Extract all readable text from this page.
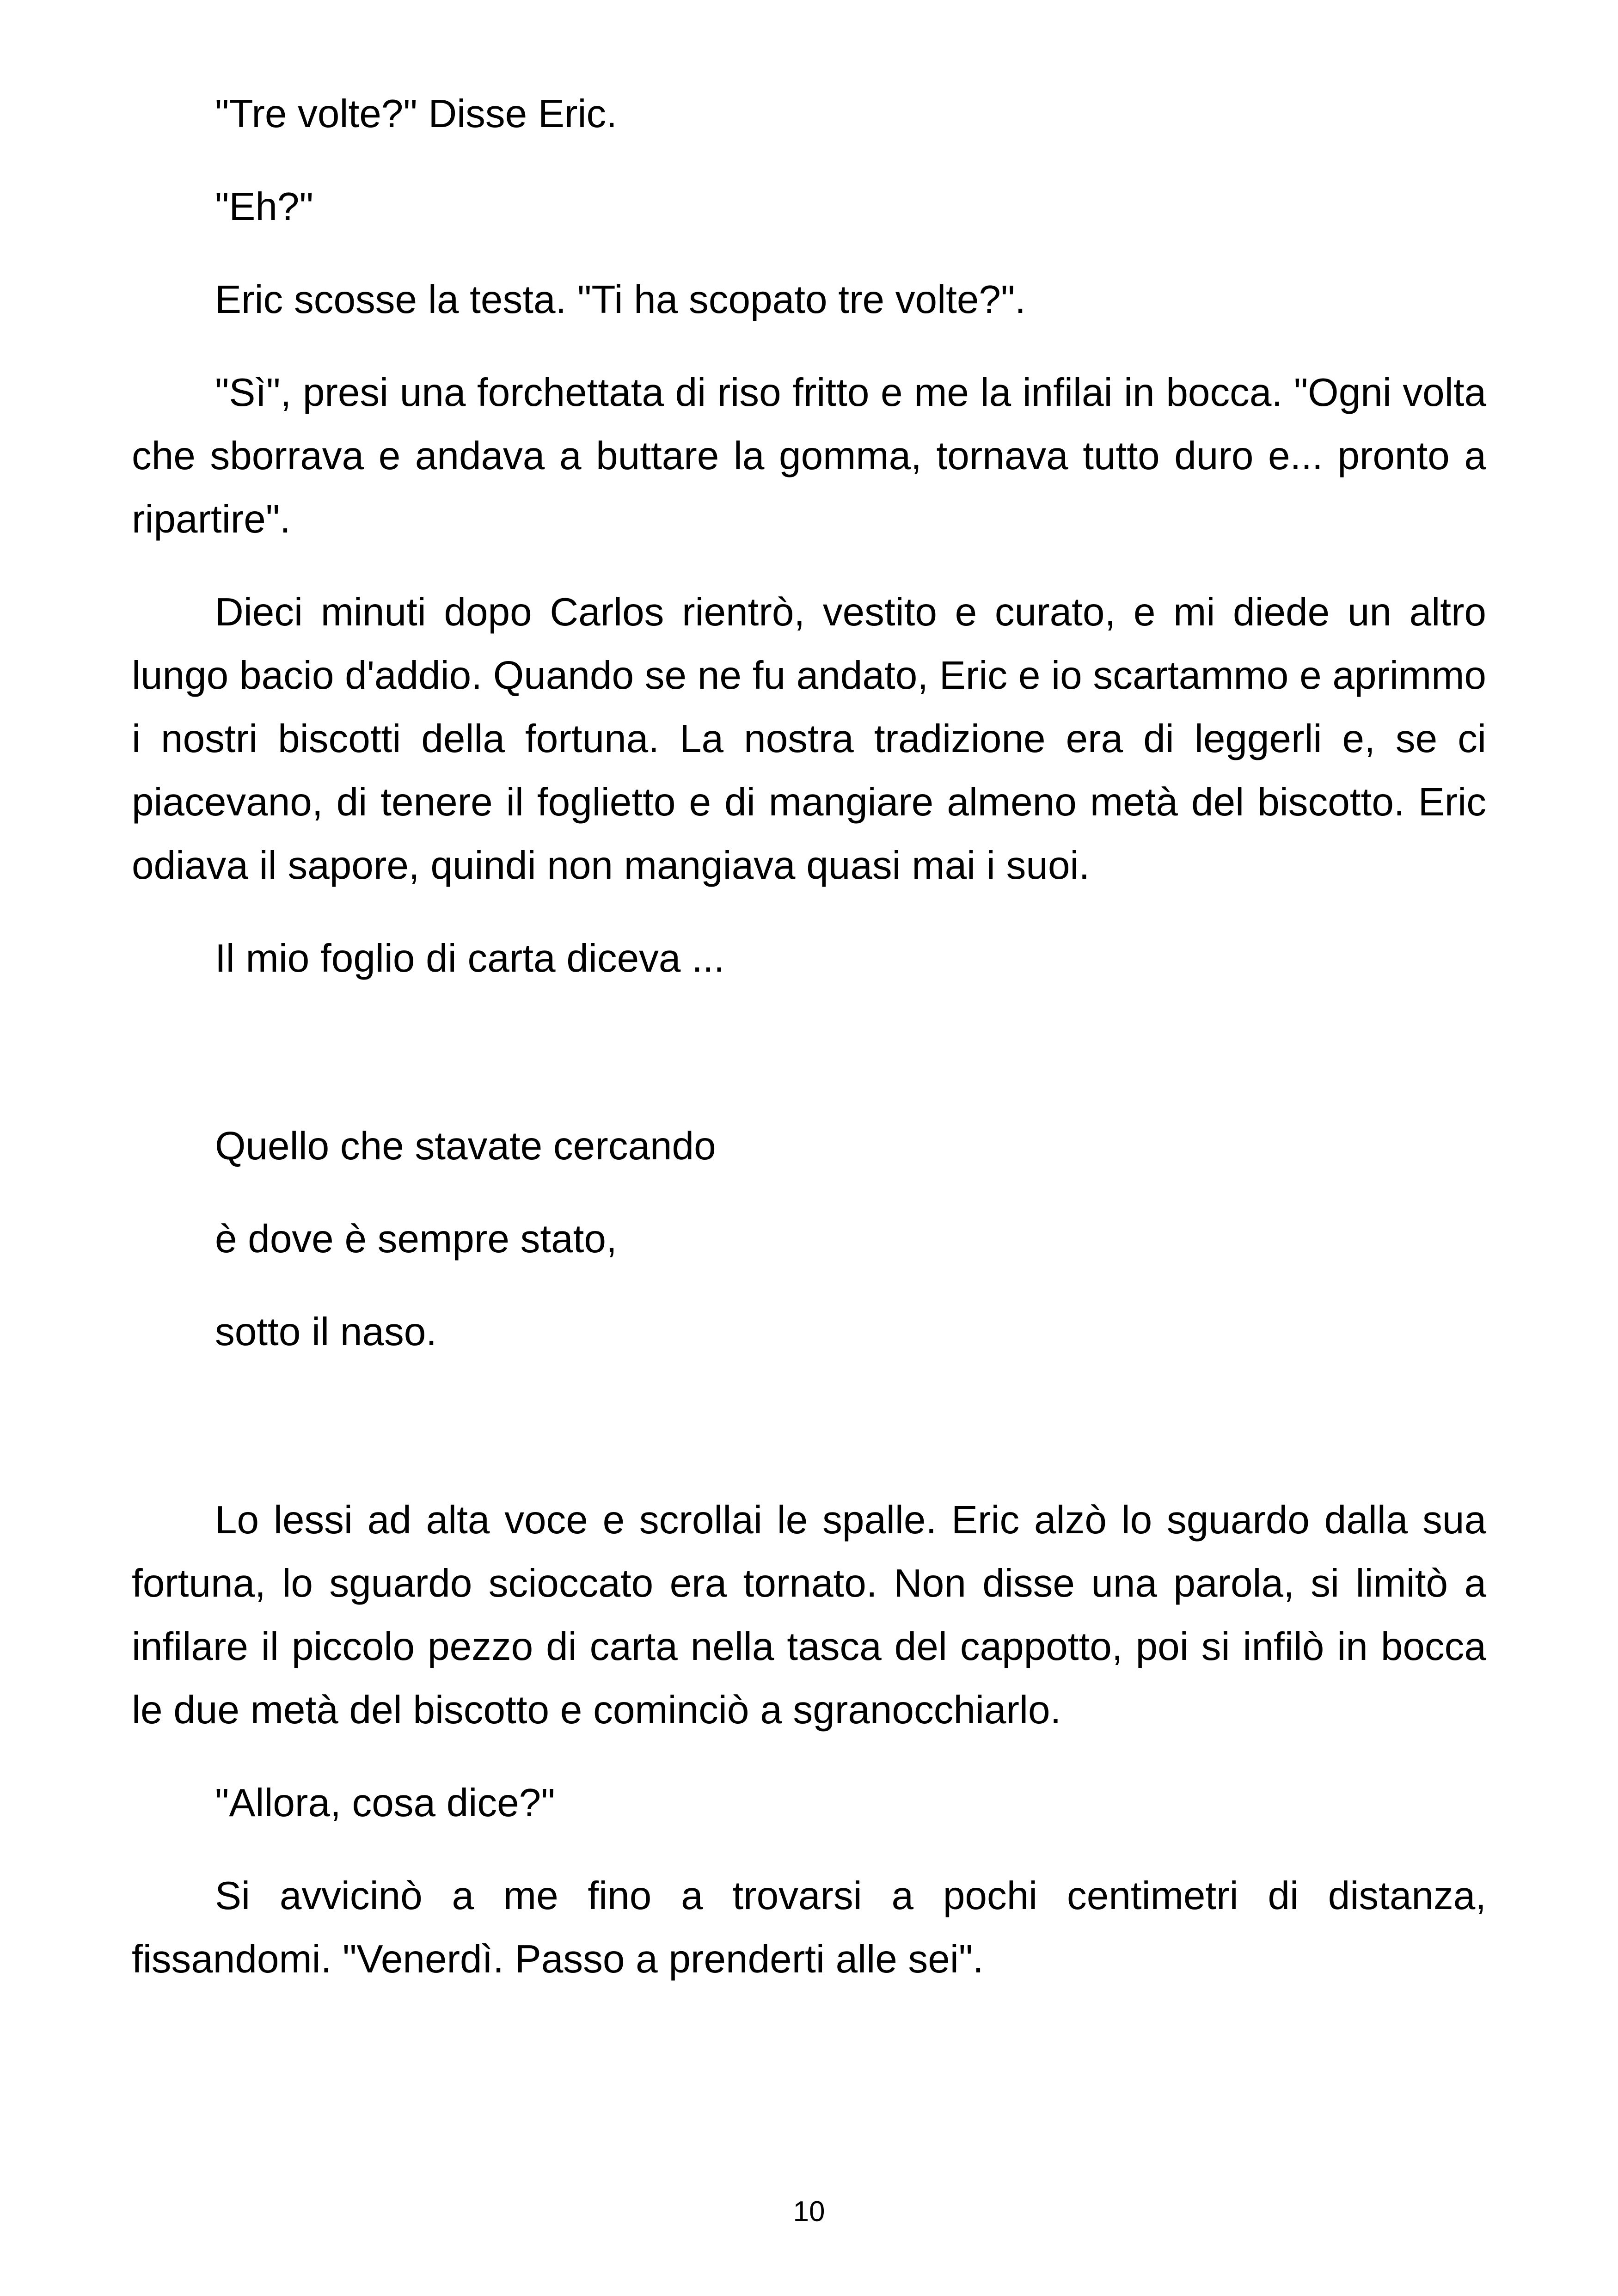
"Tre volte?" Disse Eric.

"Eh?"

Eric scosse la testa. "Ti ha scopato tre volte?".

"Sì", presi una forchettata di riso fritto e me la infilai in bocca. "Ogni volta che sborrava e andava a buttare la gomma, tornava tutto duro e... pronto a ripartire".

Dieci minuti dopo Carlos rientrò, vestito e curato, e mi diede un altro lungo bacio d'addio. Quando se ne fu andato, Eric e io scartammo e aprimmo i nostri biscotti della fortuna. La nostra tradizione era di leggerli e, se ci piacevano, di tenere il foglietto e di mangiare almeno metà del biscotto. Eric odiava il sapore, quindi non mangiava quasi mai i suoi.

Il mio foglio di carta diceva ...

Quello che stavate cercando

è dove è sempre stato,

sotto il naso.

Lo lessi ad alta voce e scrollai le spalle. Eric alzò lo sguardo dalla sua fortuna, lo sguardo scioccato era tornato. Non disse una parola, si limitò a infilare il piccolo pezzo di carta nella tasca del cappotto, poi si infilò in bocca le due metà del biscotto e cominciò a sgranocchiarlo.

"Allora, cosa dice?"

Si avvicinò a me fino a trovarsi a pochi centimetri di distanza, fissandomi. "Venerdì. Passo a prenderti alle sei".

10
